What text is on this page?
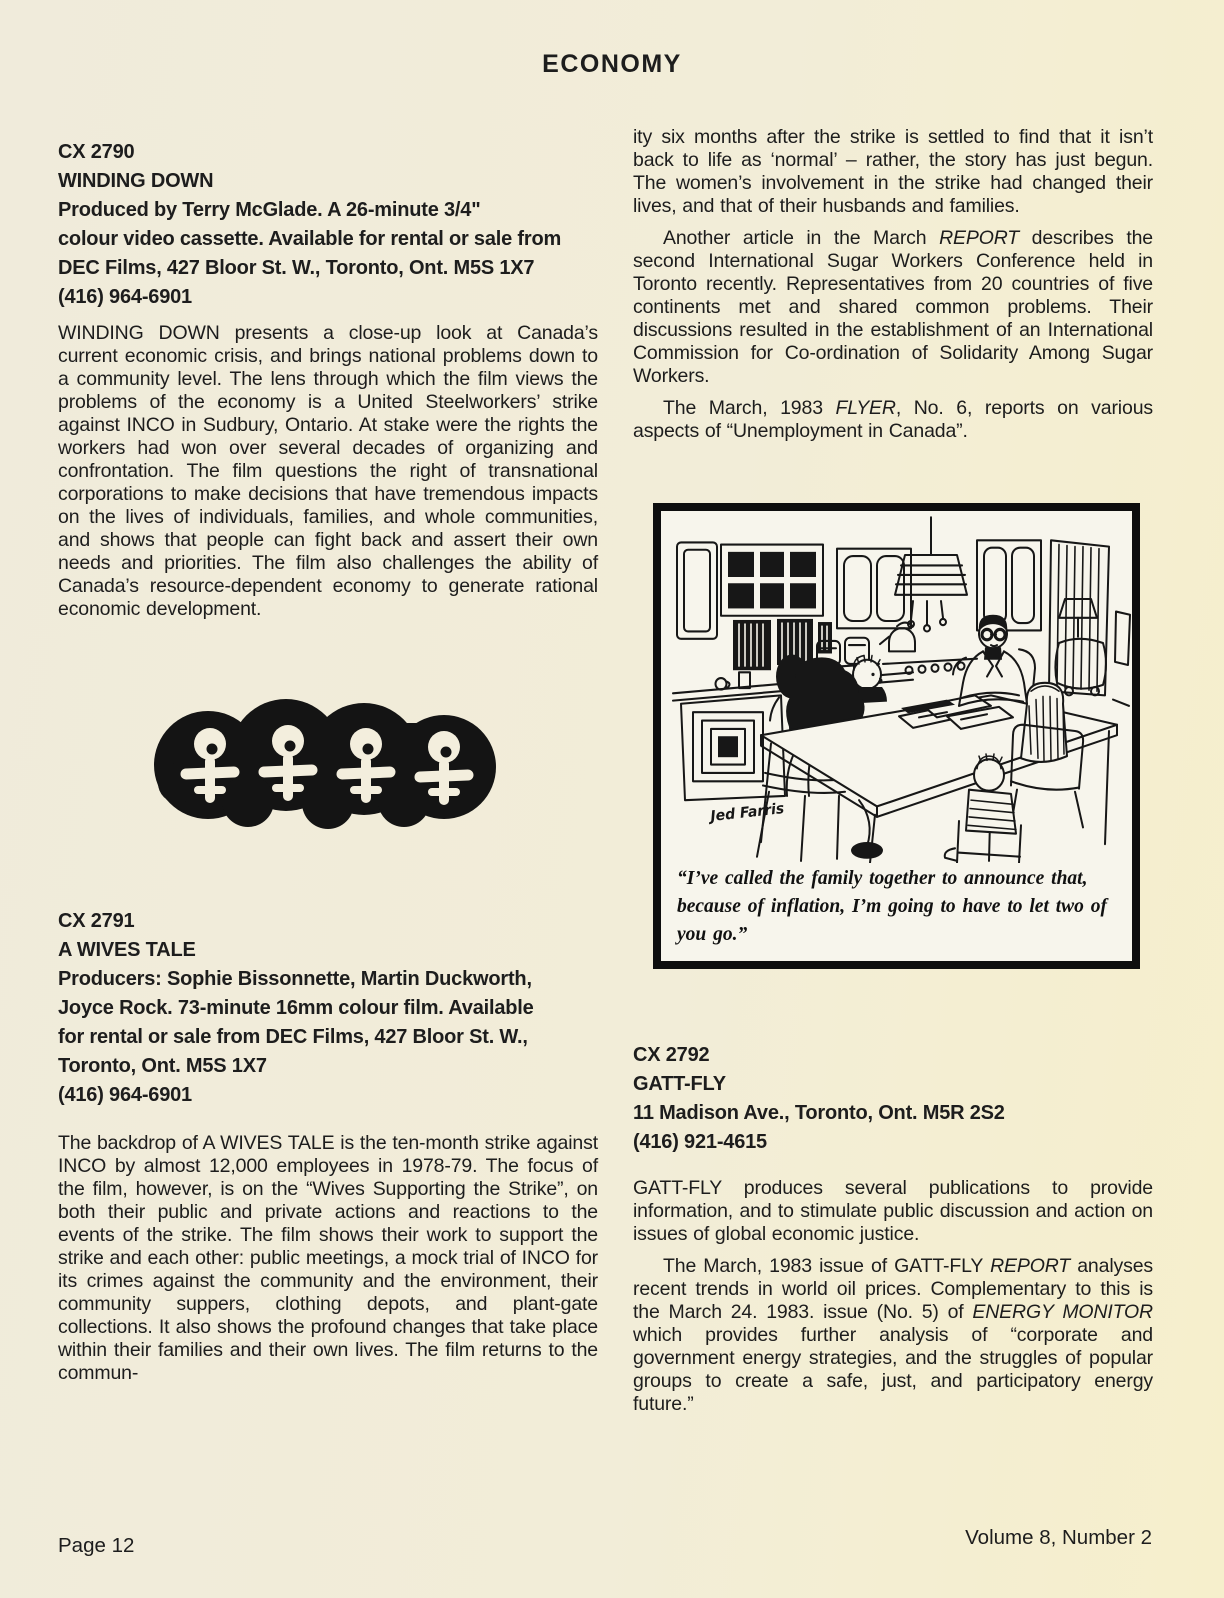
ECONOMY
CX 2790
WINDING DOWN
Produced by Terry McGlade. A 26-minute 3/4"
colour video cassette. Available for rental or sale from
DEC Films, 427 Bloor St. W., Toronto, Ont. M5S 1X7
(416) 964-6901

WINDING DOWN presents a close-up look at Canada’s current economic crisis, and brings national problems down to a community level. The lens through which the film views the problems of the economy is a United Steelworkers’ strike against INCO in Sudbury, Ontario. At stake were the rights the workers had won over several decades of organizing and confrontation. The film questions the right of transnational corporations to make decisions that have tremendous impacts on the lives of individuals, families, and whole communities, and shows that people can fight back and assert their own needs and priorities. The film also challenges the ability of Canada’s resource-dependent economy to generate rational economic development.

CX 2791
A WIVES TALE
Producers: Sophie Bissonnette, Martin Duckworth,
Joyce Rock. 73-minute 16mm colour film. Available
for rental or sale from DEC Films, 427 Bloor St. W.,
Toronto, Ont. M5S 1X7
(416) 964-6901

The backdrop of A WIVES TALE is the ten-month strike against INCO by almost 12,000 employees in 1978-79. The focus of the film, however, is on the “Wives Supporting the Strike”, on both their public and private actions and reactions to the events of the strike. The film shows their work to support the strike and each other: public meetings, a mock trial of INCO for its crimes against the community and the environment, their community suppers, clothing depots, and plant-gate collections. It also shows the profound changes that take place within their families and their own lives. The film returns to the commun-

ity six months after the strike is settled to find that it isn’t back to life as ‘normal’ – rather, the story has just begun. The women’s involvement in the strike had changed their lives, and that of their husbands and families.

Another article in the March REPORT describes the second International Sugar Workers Conference held in Toronto recently. Representatives from 20 countries of five continents met and shared common problems. Their discussions resulted in the establishment of an International Commission for Co-ordination of Solidarity Among Sugar Workers.

The March, 1983 FLYER, No. 6, reports on various aspects of “Unemployment in Canada”.

Jed Farris

“I’ve called the family together to announce that, because of inflation, I’m going to have to let two of you go.”

CX 2792
GATT-FLY
11 Madison Ave., Toronto, Ont. M5R 2S2
(416) 921-4615

GATT-FLY produces several publications to provide information, and to stimulate public discussion and action on issues of global economic justice.

The March, 1983 issue of GATT-FLY REPORT analyses recent trends in world oil prices. Complementary to this is the March 24. 1983. issue (No. 5) of ENERGY MONITOR which provides further analysis of “corporate and government energy strategies, and the struggles of popular groups to create a safe, just, and participatory energy future.”

Page 12	Volume 8, Number 2
